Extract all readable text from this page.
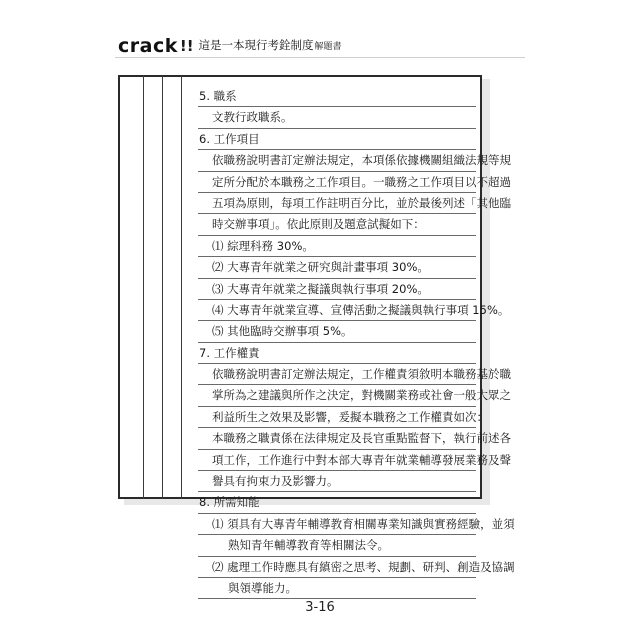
crack !! 這是一本現行考銓制度解題書
5. 職系
文教行政職系。
6. 工作項目
依職務說明書訂定辦法規定，本項係依據機關組織法規等規
定所分配於本職務之工作項目。一職務之工作項目以不超過
五項為原則，每項工作註明百分比，並於最後列述「其他臨
時交辦事項」。依此原則及題意試擬如下：
⑴ 綜理科務 30%。
⑵ 大專青年就業之研究與計畫事項 30%。
⑶ 大專青年就業之擬議與執行事項 20%。
⑷ 大專青年就業宣導、宣傳活動之擬議與執行事項 15%。
⑸ 其他臨時交辦事項 5%。
7. 工作權責
依職務說明書訂定辦法規定，工作權責須敘明本職務基於職
掌所為之建議與所作之決定，對機關業務或社會一般大眾之
利益所生之效果及影響，爰擬本職務之工作權責如次：
本職務之職責係在法律規定及長官重點監督下，執行前述各
項工作，工作進行中對本部大專青年就業輔導發展業務及聲
譽具有拘束力及影響力。
8. 所需知能
⑴ 須具有大專青年輔導教育相關專業知識與實務經驗，並須
熟知青年輔導教育等相關法令。
⑵ 處理工作時應具有縝密之思考、規劃、研判、創造及協調
與領導能力。
3-16
